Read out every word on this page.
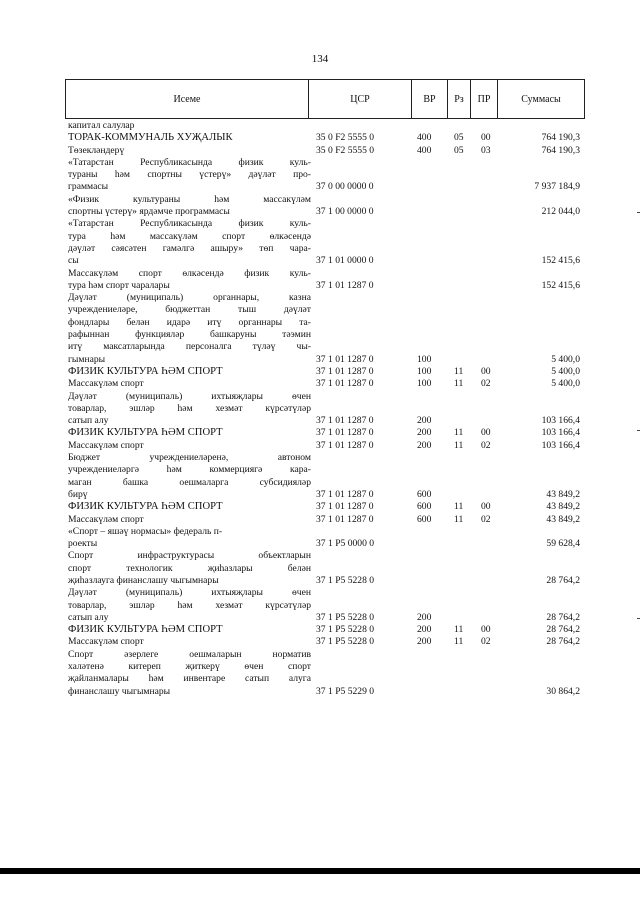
134
Исеме	ЦСР	ВР	Рз	ПР	Суммасы
капитал салулар
ТОРАК-КОММУНАЛЬ ХУҖАЛЫК	35 0 F2 5555 0	400 05 00	764 190,3
Төзекләндерү	35 0 F2 5555 0	400 05 03	764 190,3
«Татарстан Республикасында физик куль-
тураны һәм спортны үстерү» дәүләт про-
граммасы	37 0 00 0000 0	7 937 184,9
«Физик культураны һәм массакүләм
спортны үстерү» ярдәмче программасы	37 1 00 0000 0	212 044,0
«Татарстан Республикасында физик куль-
тура һәм массакүләм спорт өлкәсендә
дәүләт сәясәтен гамәлгә ашыру» төп чара-
сы	37 1 01 0000 0	152 415,6
Массакүләм спорт өлкәсендә физик куль-
тура һәм спорт чаралары	37 1 01 1287 0	152 415,6
Дәүләт (муниципаль) органнары, казна
учреждениеләре, бюджеттан тыш дәүләт
фондлары белән идарә итү органнары та-
рафыннан функцияләр башкаруны тәэмин
итү максатларында персоналга түләү чы-
гымнары	37 1 01 1287 0	100	5 400,0
ФИЗИК КУЛЬТУРА ҺӘМ СПОРТ	37 1 01 1287 0	100 11 00	5 400,0
Массакүләм спорт	37 1 01 1287 0	100 11 02	5 400,0
Дәүләт (муниципаль) ихтыяҗлары өчен
товарлар, эшләр һәм хезмәт күрсәтүләр
сатып алу	37 1 01 1287 0	200	103 166,4
ФИЗИК КУЛЬТУРА ҺӘМ СПОРТ	37 1 01 1287 0	200 11 00	103 166,4
Массакүләм спорт	37 1 01 1287 0	200 11 02	103 166,4
Бюджет учреждениеләренә, автоном
учреждениеләргә һәм коммерциягә кара-
маган башка оешмаларга субсидияләр
бирү	37 1 01 1287 0	600	43 849,2
ФИЗИК КУЛЬТУРА ҺӘМ СПОРТ	37 1 01 1287 0	600 11 00	43 849,2
Массакүләм спорт	37 1 01 1287 0	600 11 02	43 849,2
«Спорт – яшәү нормасы» федераль п-
роекты	37 1 P5 0000 0	59 628,4
Спорт инфраструктурасы объектларын
спорт технологик җиһазлары белән
җиһазлауга финанслашу чыгымнары	37 1 P5 5228 0	28 764,2
Дәүләт (муниципаль) ихтыяҗлары өчен
товарлар, эшләр һәм хезмәт күрсәтүләр
сатып алу	37 1 P5 5228 0	200	28 764,2
ФИЗИК КУЛЬТУРА ҺӘМ СПОРТ	37 1 P5 5228 0	200 11 00	28 764,2
Массакүләм спорт	37 1 P5 5228 0	200 11 02	28 764,2
Спорт әзерлеге оешмаларын норматив
халәтенә китереп җиткерү өчен спорт
җайланмалары һәм инвентаре сатып алуга
финанслашу чыгымнары	37 1 P5 5229 0	30 864,2
